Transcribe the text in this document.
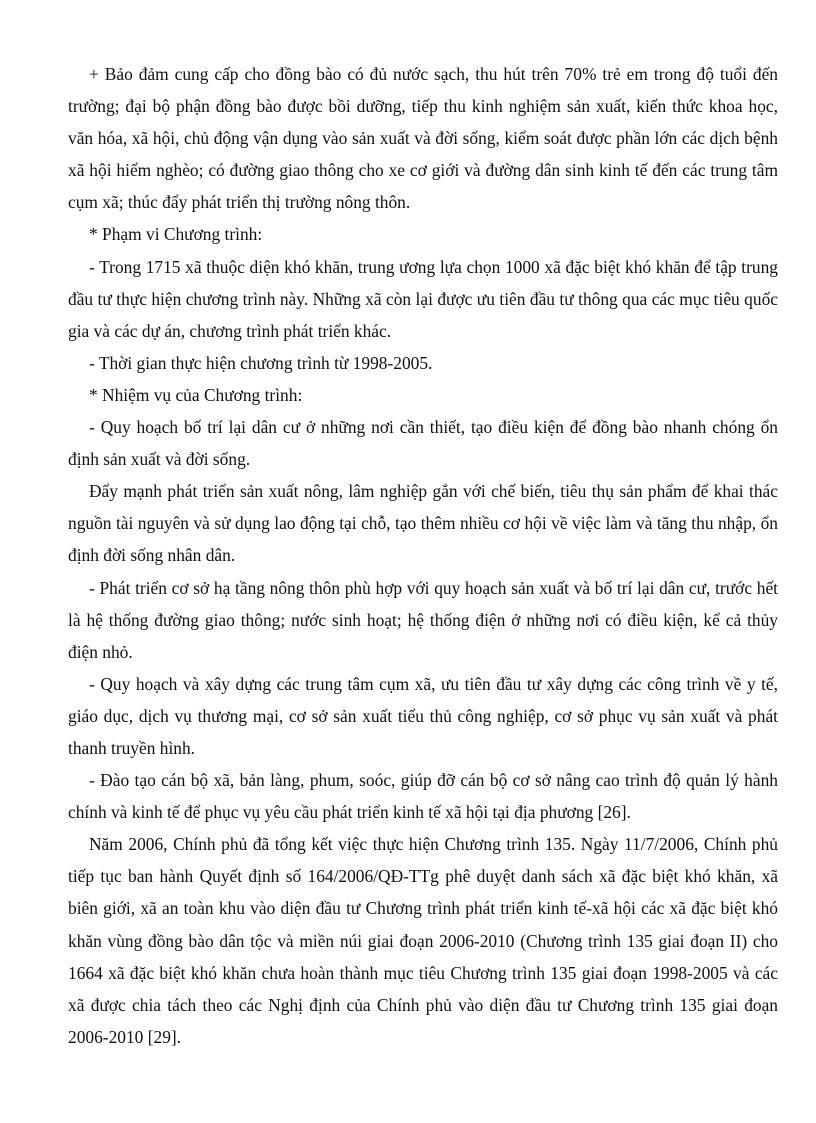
+ Bảo đảm cung cấp cho đồng bào có đủ nước sạch, thu hút trên 70% trẻ em trong độ tuổi đến trường; đại bộ phận đồng bào được bồi dưỡng, tiếp thu kinh nghiệm sản xuất, kiến thức khoa học, văn hóa, xã hội, chủ động vận dụng vào sản xuất và đời sống, kiểm soát được phần lớn các dịch bệnh xã hội hiểm nghèo; có đường giao thông cho xe cơ giới và đường dân sinh kinh tế đến các trung tâm cụm xã; thúc đẩy phát triển thị trường nông thôn.

* Phạm vi Chương trình:

- Trong 1715 xã thuộc diện khó khăn, trung ương lựa chọn 1000 xã đặc biệt khó khăn để tập trung đầu tư thực hiện chương trình này. Những xã còn lại được ưu tiên đầu tư thông qua các mục tiêu quốc gia và các dự án, chương trình phát triển khác.

- Thời gian thực hiện chương trình từ 1998-2005.

* Nhiệm vụ của Chương trình:

- Quy hoạch bố trí lại dân cư ở những nơi cần thiết, tạo điều kiện để đồng bào nhanh chóng ổn định sản xuất và đời sống.

Đẩy mạnh phát triển sản xuất nông, lâm nghiệp gắn với chế biến, tiêu thụ sản phẩm để khai thác nguồn tài nguyên và sử dụng lao động tại chỗ, tạo thêm nhiều cơ hội về việc làm và tăng thu nhập, ổn định đời sống nhân dân.

- Phát triển cơ sở hạ tầng nông thôn phù hợp với quy hoạch sản xuất và bố trí lại dân cư, trước hết là hệ thống đường giao thông; nước sinh hoạt; hệ thống điện ở những nơi có điều kiện, kể cả thủy điện nhỏ.

- Quy hoạch và xây dựng các trung tâm cụm xã, ưu tiên đầu tư xây dựng các công trình về y tế, giáo dục, dịch vụ thương mại, cơ sở sản xuất tiểu thủ công nghiệp, cơ sở phục vụ sản xuất và phát thanh truyền hình.

- Đào tạo cán bộ xã, bản làng, phum, soóc, giúp đỡ cán bộ cơ sở nâng cao trình độ quản lý hành chính và kinh tế để phục vụ yêu cầu phát triển kinh tế xã hội tại địa phương [26].

Năm 2006, Chính phủ đã tổng kết việc thực hiện Chương trình 135. Ngày 11/7/2006, Chính phủ tiếp tục ban hành Quyết định số 164/2006/QĐ-TTg phê duyệt danh sách xã đặc biệt khó khăn, xã biên giới, xã an toàn khu vào diện đầu tư Chương trình phát triển kinh tế-xã hội các xã đặc biệt khó khăn vùng đồng bào dân tộc và miền núi giai đoạn 2006-2010 (Chương trình 135 giai đoạn II) cho 1664 xã đặc biệt khó khăn chưa hoàn thành mục tiêu Chương trình 135 giai đoạn 1998-2005 và các xã được chia tách theo các Nghị định của Chính phủ vào diện đầu tư Chương trình 135 giai đoạn 2006-2010 [29].
